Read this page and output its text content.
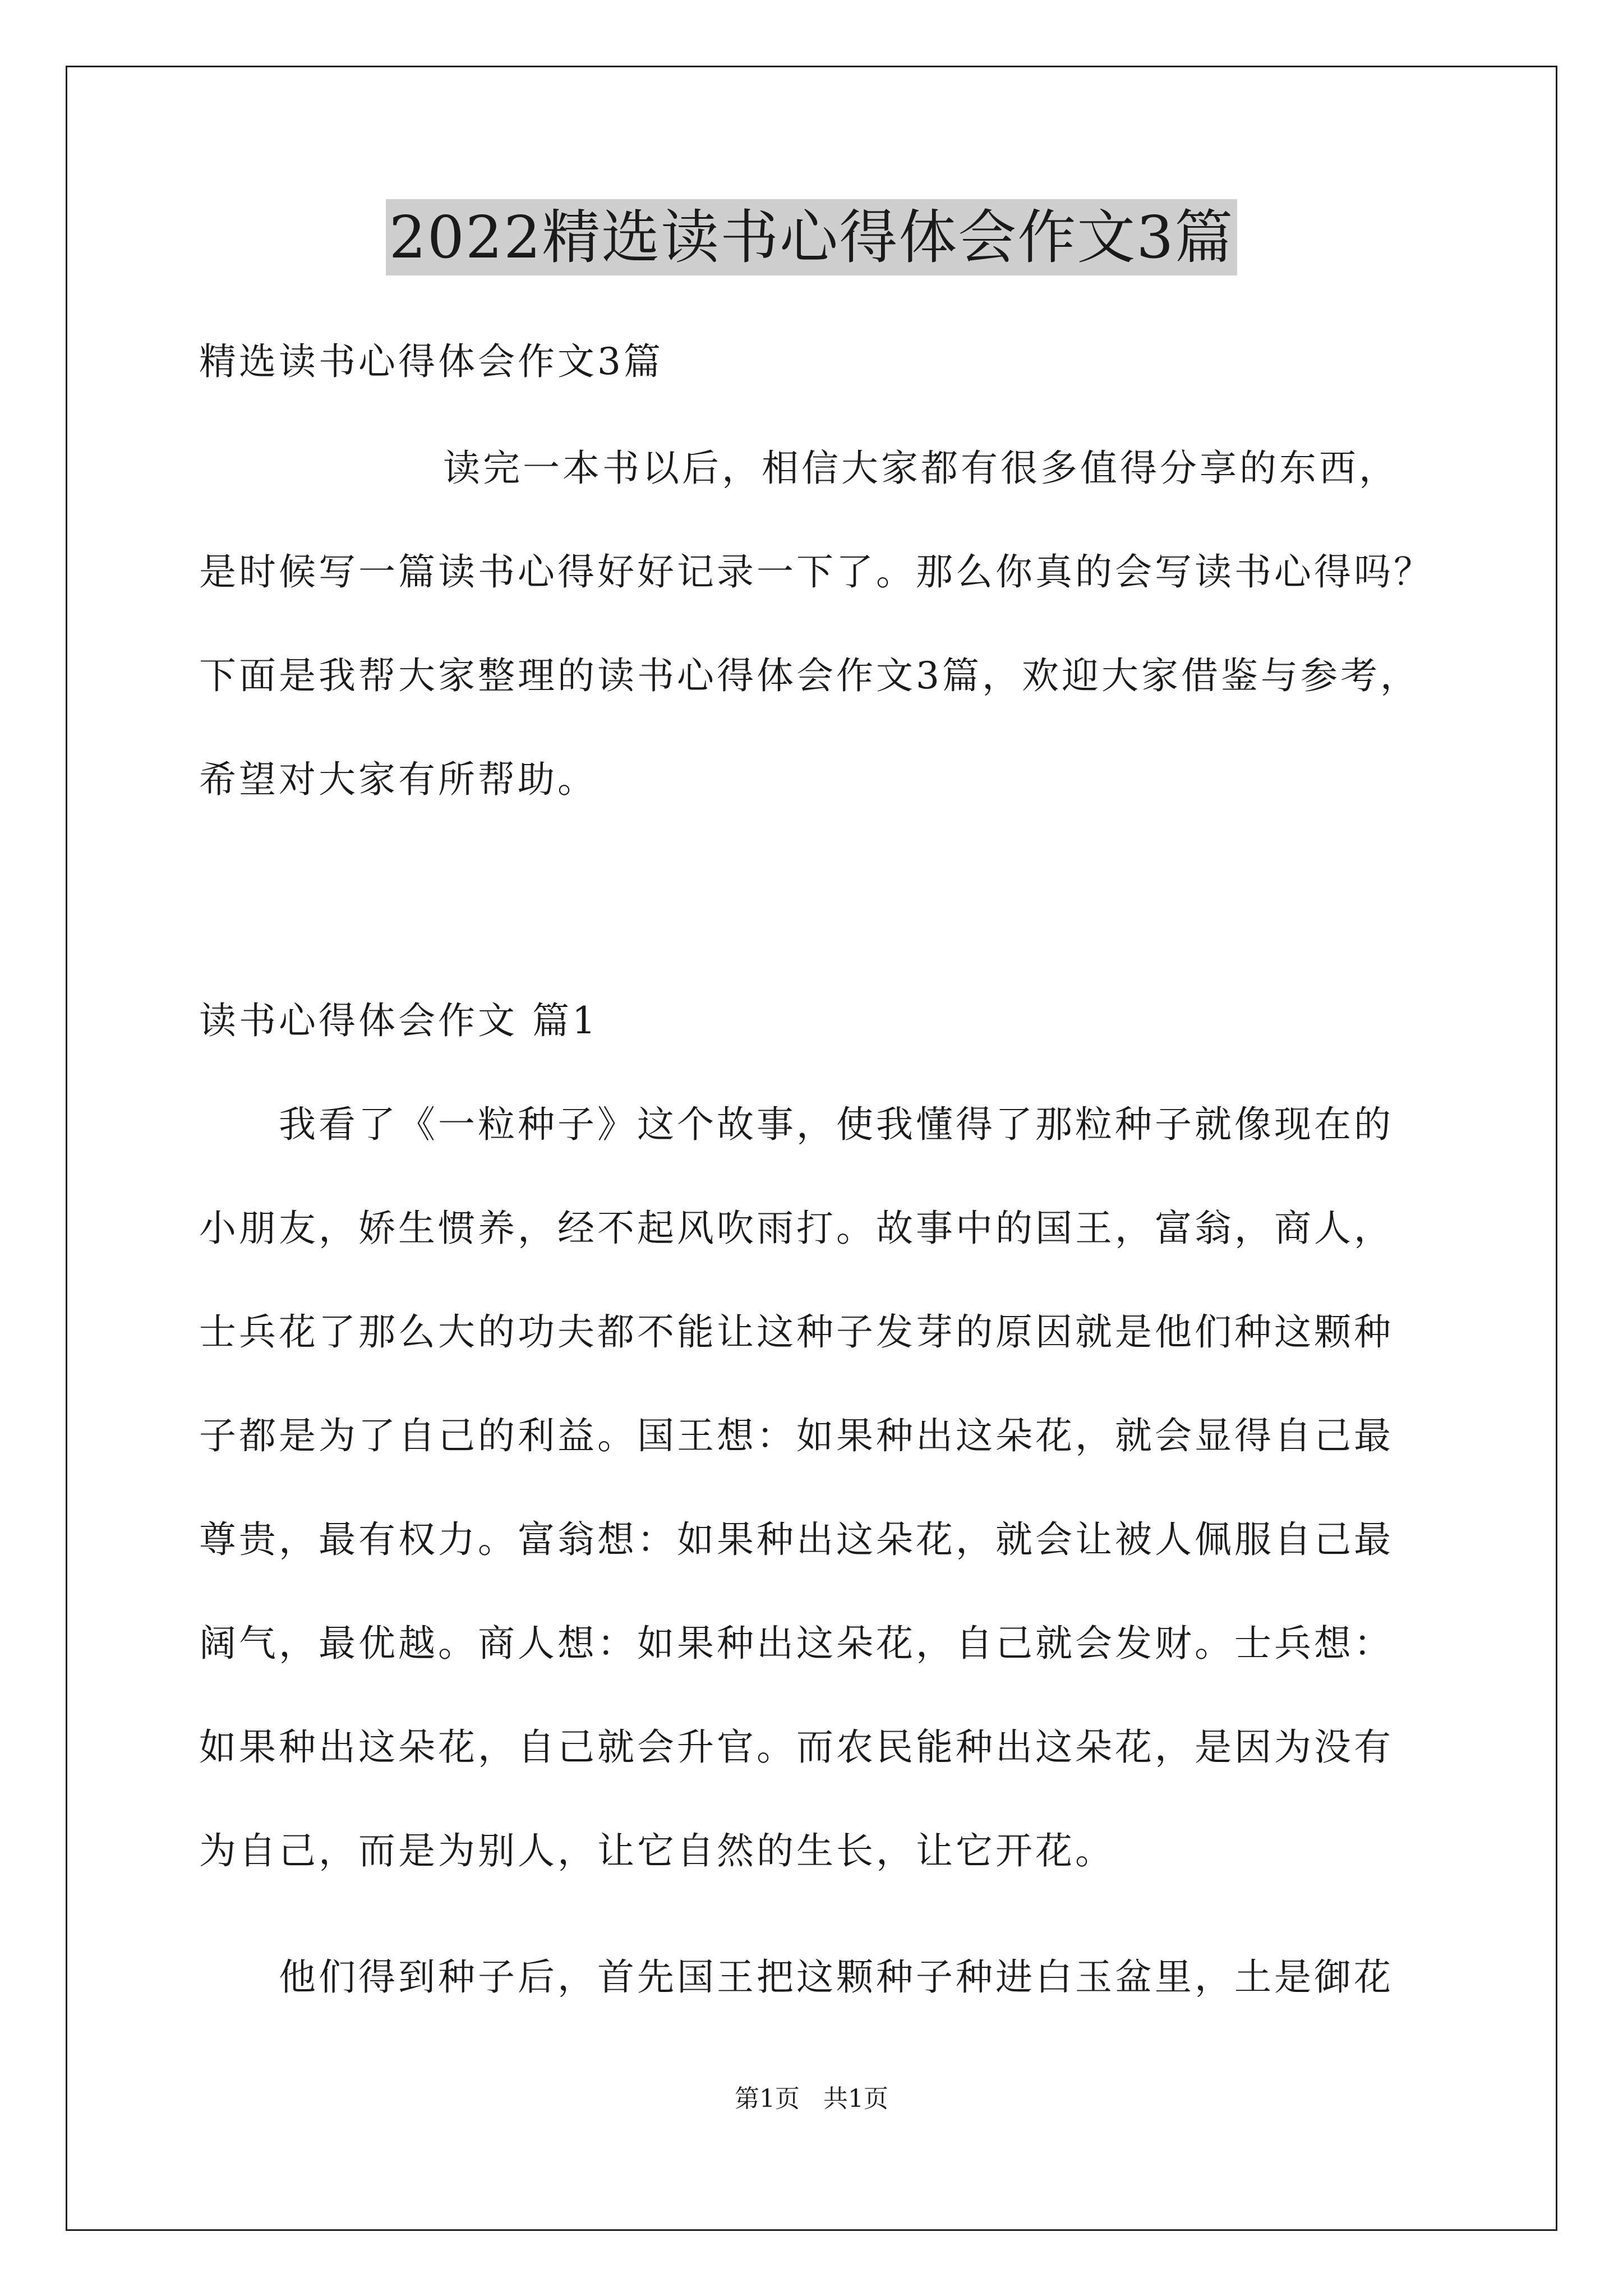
2022精选读书心得体会作文3篇
精选读书心得体会作文3篇
读完一本书以后，相信大家都有很多值得分享的东西，
是时候写一篇读书心得好好记录一下了。那么你真的会写读书心得吗？
下面是我帮大家整理的读书心得体会作文3篇，欢迎大家借鉴与参考，
希望对大家有所帮助。
读书心得体会作文 篇1
我看了《一粒种子》这个故事，使我懂得了那粒种子就像现在的
小朋友，娇生惯养，经不起风吹雨打。故事中的国王，富翁，商人，
士兵花了那么大的功夫都不能让这种子发芽的原因就是他们种这颗种
子都是为了自己的利益。国王想：如果种出这朵花，就会显得自己最
尊贵，最有权力。富翁想：如果种出这朵花，就会让被人佩服自己最
阔气，最优越。商人想：如果种出这朵花，自己就会发财。士兵想：
如果种出这朵花，自己就会升官。而农民能种出这朵花，是因为没有
为自己，而是为别人，让它自然的生长，让它开花。
他们得到种子后，首先国王把这颗种子种进白玉盆里，土是御花
第1页 共1页
